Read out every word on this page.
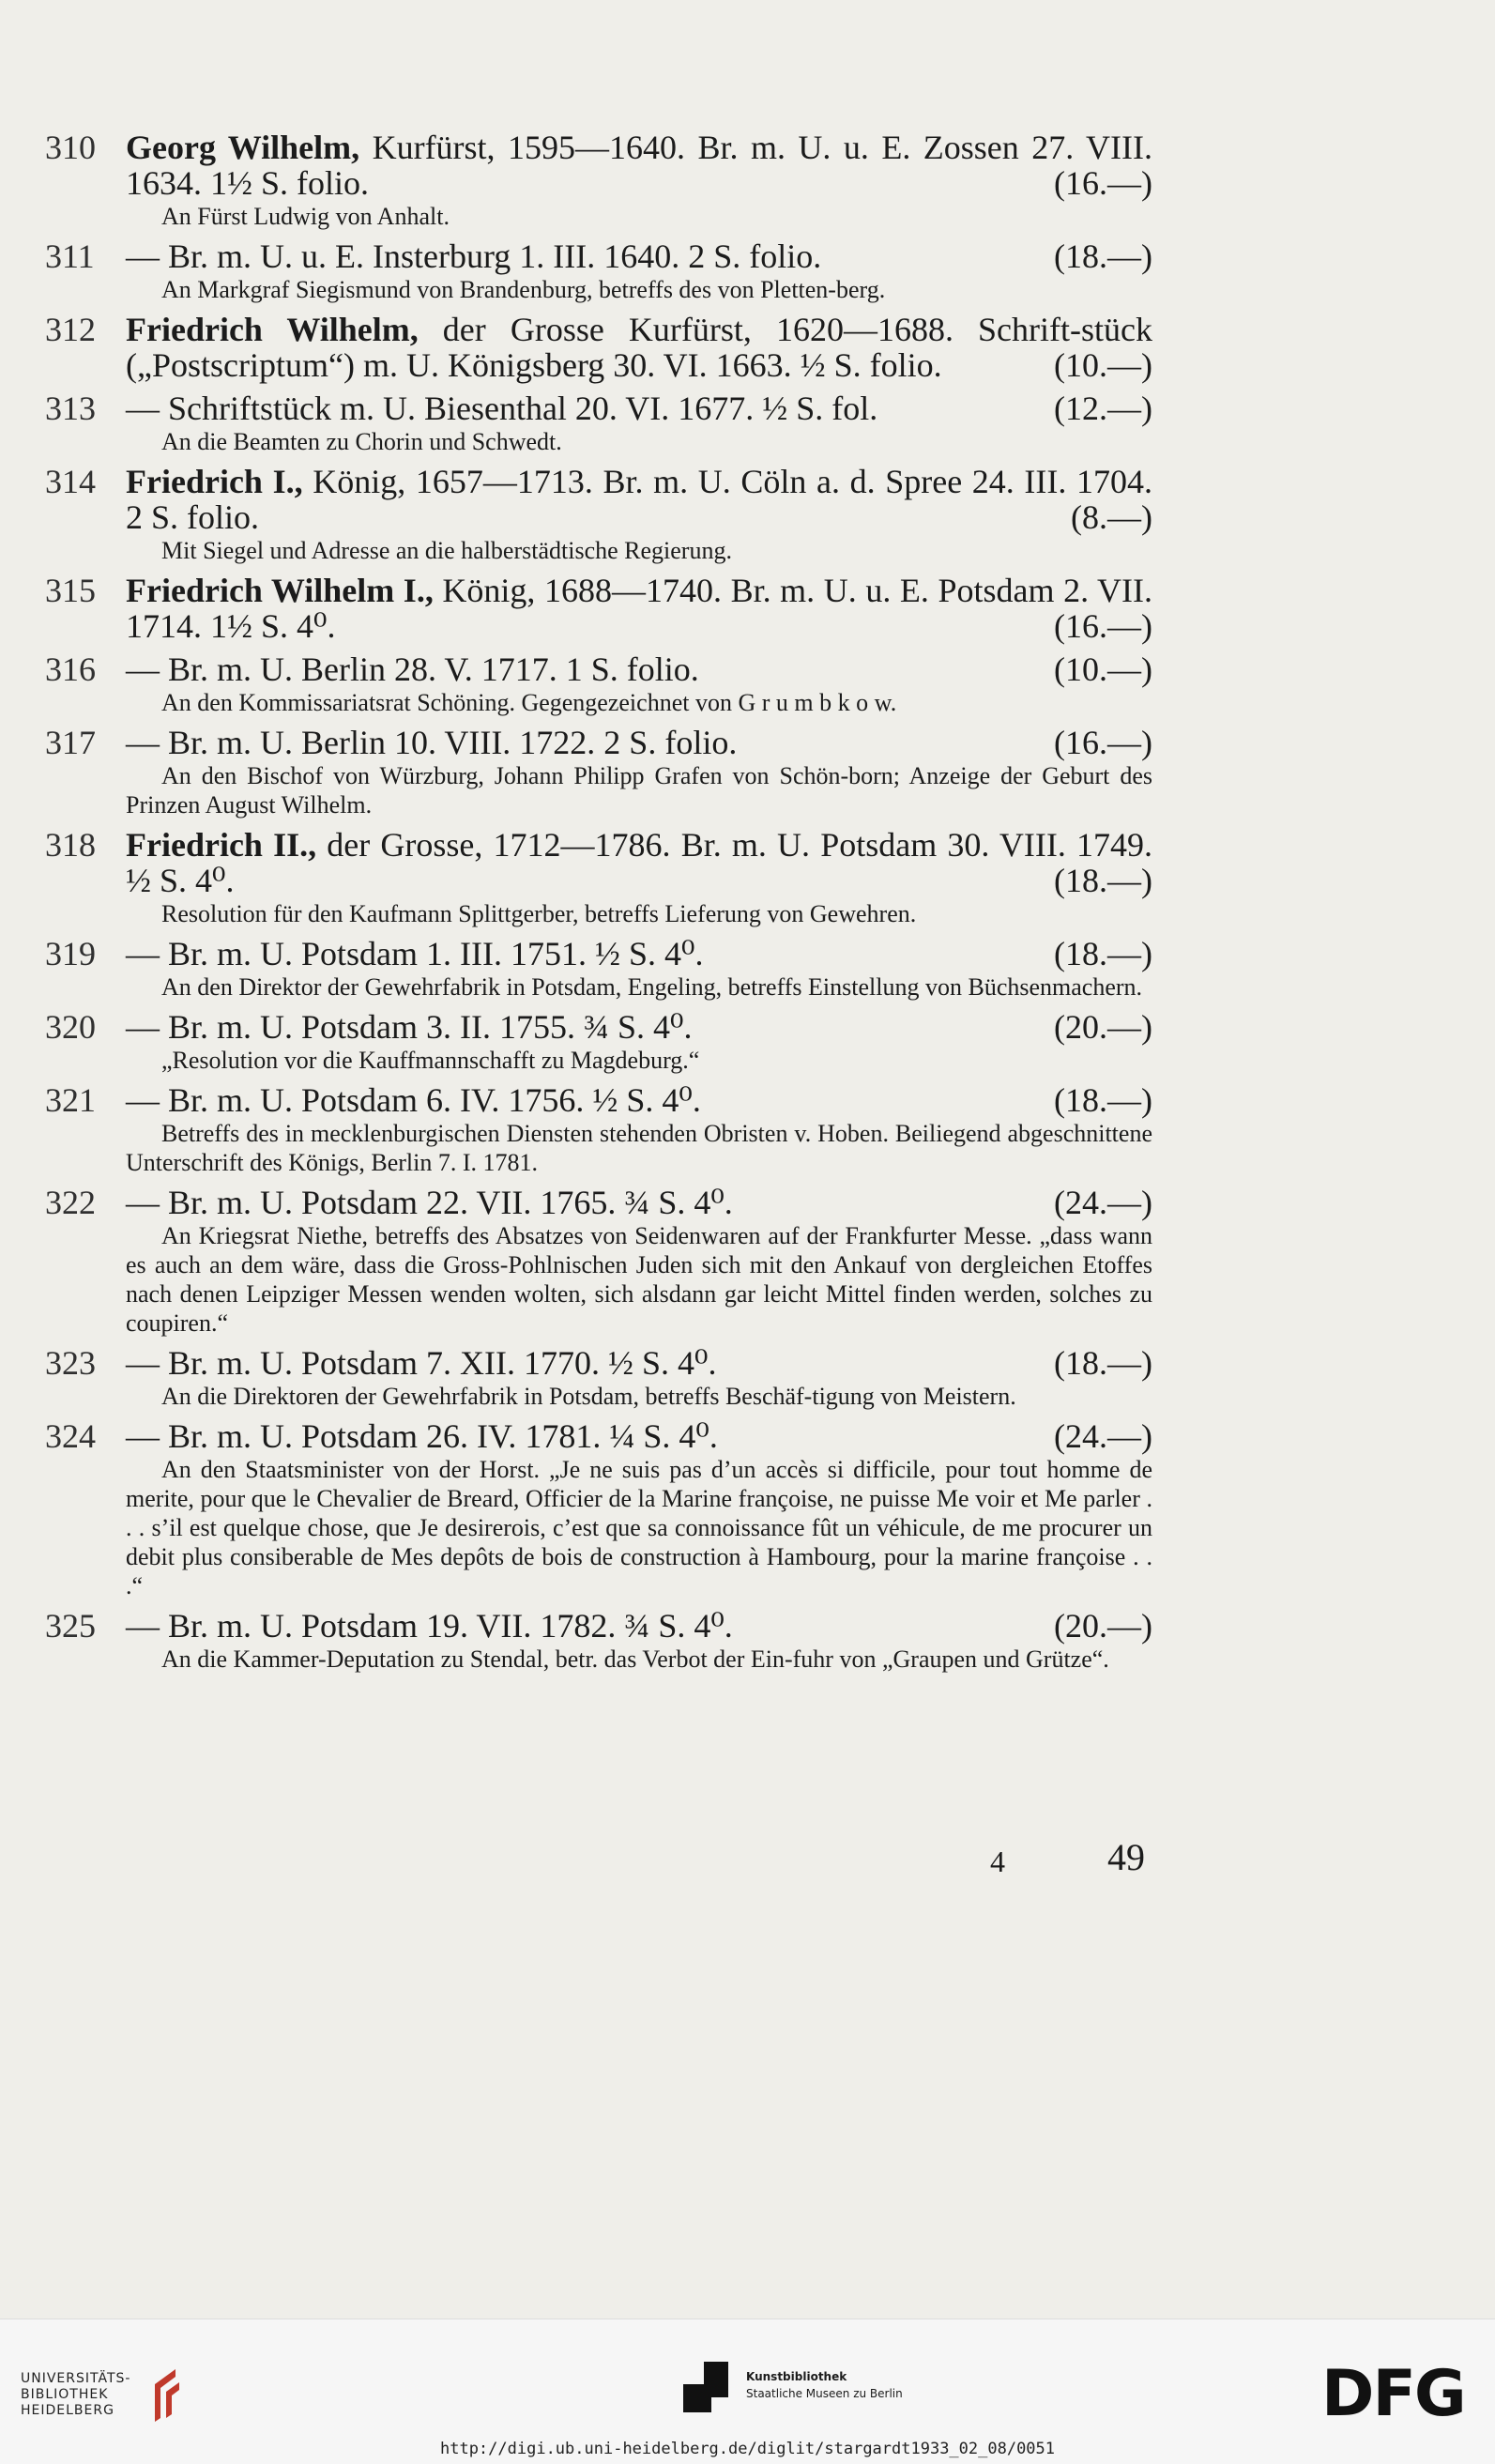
310 Georg Wilhelm, Kurfürst, 1595—1640. Br. m. U. u. E. Zossen 27. VIII. 1634. 1½ S. folio.	(16.—)
An Fürst Ludwig von Anhalt.
311 — Br. m. U. u. E. Insterburg 1. III. 1640. 2 S. folio.	(18.—)
An Markgraf Siegismund von Brandenburg, betreffs des von Pletten-berg.
312 Friedrich Wilhelm, der Grosse Kurfürst, 1620—1688. Schrift-stück („Postscriptum“) m. U. Königsberg 30. VI. 1663. ½ S. folio.	(10.—)
313 — Schriftstück m. U. Biesenthal 20. VI. 1677. ½ S. fol.	(12.—)
An die Beamten zu Chorin und Schwedt.
314 Friedrich I., König, 1657—1713. Br. m. U. Cöln a. d. Spree 24. III. 1704. 2 S. folio.	(8.—)
Mit Siegel und Adresse an die halberstädtische Regierung.
315 Friedrich Wilhelm I., König, 1688—1740. Br. m. U. u. E. Potsdam 2. VII. 1714. 1½ S. 4⁰.	(16.—)
316 — Br. m. U. Berlin 28. V. 1717. 1 S. folio.	(10.—)
An den Kommissariatsrat Schöning. Gegengezeichnet von G r u m b k o w.
317 — Br. m. U. Berlin 10. VIII. 1722. 2 S. folio.	(16.—)
An den Bischof von Würzburg, Johann Philipp Grafen von Schön-born; Anzeige der Geburt des Prinzen August Wilhelm.
318 Friedrich II., der Grosse, 1712—1786. Br. m. U. Potsdam 30. VIII. 1749. ½ S. 4⁰.	(18.—)
Resolution für den Kaufmann Splittgerber, betreffs Lieferung von Gewehren.
319 — Br. m. U. Potsdam 1. III. 1751. ½ S. 4⁰.	(18.—)
An den Direktor der Gewehrfabrik in Potsdam, Engeling, betreffs Einstellung von Büchsenmachern.
320 — Br. m. U. Potsdam 3. II. 1755. ¾ S. 4⁰.	(20.—)
„Resolution vor die Kauffmannschafft zu Magdeburg.“
321 — Br. m. U. Potsdam 6. IV. 1756. ½ S. 4⁰.	(18.—)
Betreffs des in mecklenburgischen Diensten stehenden Obristen v. Hoben. Beiliegend abgeschnittene Unterschrift des Königs, Berlin 7. I. 1781.
322 — Br. m. U. Potsdam 22. VII. 1765. ¾ S. 4⁰.	(24.—)
An Kriegsrat Niethe, betreffs des Absatzes von Seidenwaren auf der Frankfurter Messe. „dass wann es auch an dem wäre, dass die Gross-Pohlnischen Juden sich mit den Ankauf von dergleichen Etoffes nach denen Leipziger Messen wenden wolten, sich alsdann gar leicht Mittel finden werden, solches zu coupiren.“
323 — Br. m. U. Potsdam 7. XII. 1770. ½ S. 4⁰.	(18.—)
An die Direktoren der Gewehrfabrik in Potsdam, betreffs Beschäf-tigung von Meistern.
324 — Br. m. U. Potsdam 26. IV. 1781. ¼ S. 4⁰.	(24.—)
An den Staatsminister von der Horst. „Je ne suis pas d’un accès si difficile, pour tout homme de merite, pour que le Chevalier de Breard, Officier de la Marine françoise, ne puisse Me voir et Me parler . . . s’il est quelque chose, que Je desirerois, c’est que sa connoissance fût un véhicule, de me procurer un debit plus consiberable de Mes depôts de bois de construction à Hambourg, pour la marine françoise . . .“
325 — Br. m. U. Potsdam 19. VII. 1782. ¾ S. 4⁰.	(20.—)
An die Kammer-Deputation zu Stendal, betr. das Verbot der Ein-fuhr von „Graupen und Grütze“.
4	49
UNIVERSITÄTS-
BIBLIOTHEK
HEIDELBERG
Kunstbibliothek
Staatliche Museen zu Berlin	DFG
http://digi.ub.uni-heidelberg.de/diglit/stargardt1933_02_08/0051
